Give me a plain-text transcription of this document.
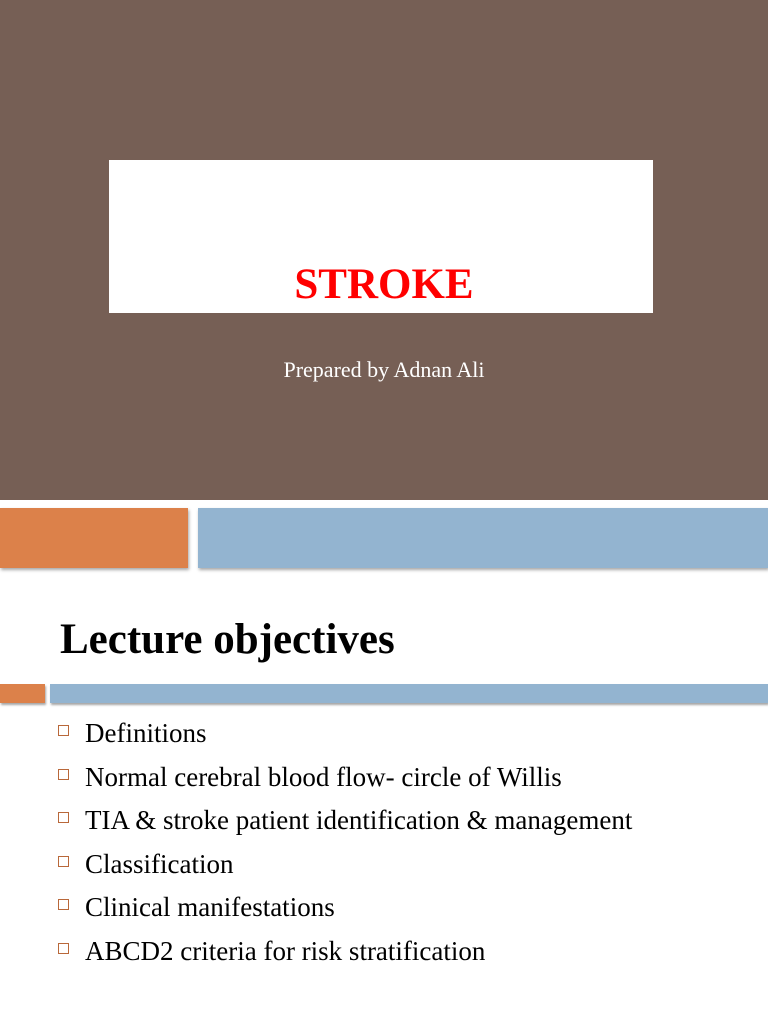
STROKE
Prepared by Adnan Ali
Lecture objectives
Definitions
Normal cerebral blood flow- circle of Willis
TIA & stroke patient identification & management
Classification
Clinical manifestations
ABCD2 criteria for risk stratification
